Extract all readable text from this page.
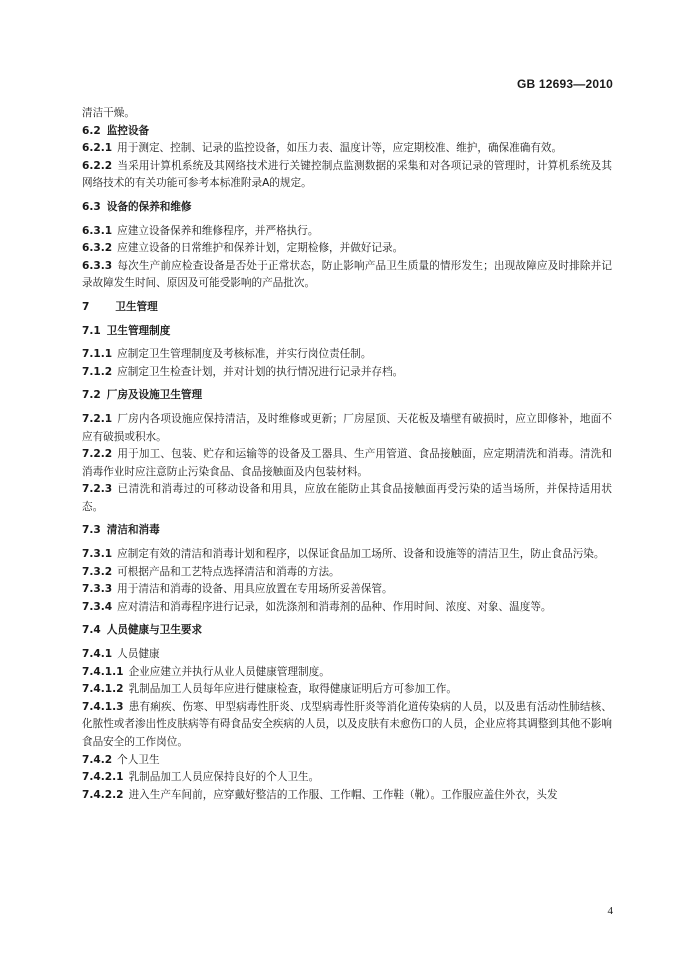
GB 12693—2010
清洁干燥。
6.2 监控设备
6.2.1 用于测定、控制、记录的监控设备，如压力表、温度计等，应定期校准、维护，确保准确有效。
6.2.2 当采用计算机系统及其网络技术进行关键控制点监测数据的采集和对各项记录的管理时，计算机系统及其网络技术的有关功能可参考本标准附录A的规定。
6.3 设备的保养和维修
6.3.1 应建立设备保养和维修程序，并严格执行。
6.3.2 应建立设备的日常维护和保养计划，定期检修，并做好记录。
6.3.3 每次生产前应检查设备是否处于正常状态，防止影响产品卫生质量的情形发生；出现故障应及时排除并记录故障发生时间、原因及可能受影响的产品批次。
7 卫生管理
7.1 卫生管理制度
7.1.1 应制定卫生管理制度及考核标准，并实行岗位责任制。
7.1.2 应制定卫生检查计划，并对计划的执行情况进行记录并存档。
7.2 厂房及设施卫生管理
7.2.1 厂房内各项设施应保持清洁，及时维修或更新；厂房屋顶、天花板及墙壁有破损时，应立即修补，地面不应有破损或积水。
7.2.2 用于加工、包装、贮存和运输等的设备及工器具、生产用管道、食品接触面，应定期清洗和消毒。清洗和消毒作业时应注意防止污染食品、食品接触面及内包装材料。
7.2.3 已清洗和消毒过的可移动设备和用具，应放在能防止其食品接触面再受污染的适当场所，并保持适用状态。
7.3 清洁和消毒
7.3.1 应制定有效的清洁和消毒计划和程序，以保证食品加工场所、设备和设施等的清洁卫生，防止食品污染。
7.3.2 可根据产品和工艺特点选择清洁和消毒的方法。
7.3.3 用于清洁和消毒的设备、用具应放置在专用场所妥善保管。
7.3.4 应对清洁和消毒程序进行记录，如洗涤剂和消毒剂的品种、作用时间、浓度、对象、温度等。
7.4 人员健康与卫生要求
7.4.1 人员健康
7.4.1.1 企业应建立并执行从业人员健康管理制度。
7.4.1.2 乳制品加工人员每年应进行健康检查，取得健康证明后方可参加工作。
7.4.1.3 患有痢疾、伤寒、甲型病毒性肝炎、戊型病毒性肝炎等消化道传染病的人员，以及患有活动性肺结核、化脓性或者渗出性皮肤病等有碍食品安全疾病的人员，以及皮肤有未愈伤口的人员，企业应将其调整到其他不影响食品安全的工作岗位。
7.4.2 个人卫生
7.4.2.1 乳制品加工人员应保持良好的个人卫生。
7.4.2.2 进入生产车间前，应穿戴好整洁的工作服、工作帽、工作鞋（靴）。工作服应盖住外衣，头发
4
